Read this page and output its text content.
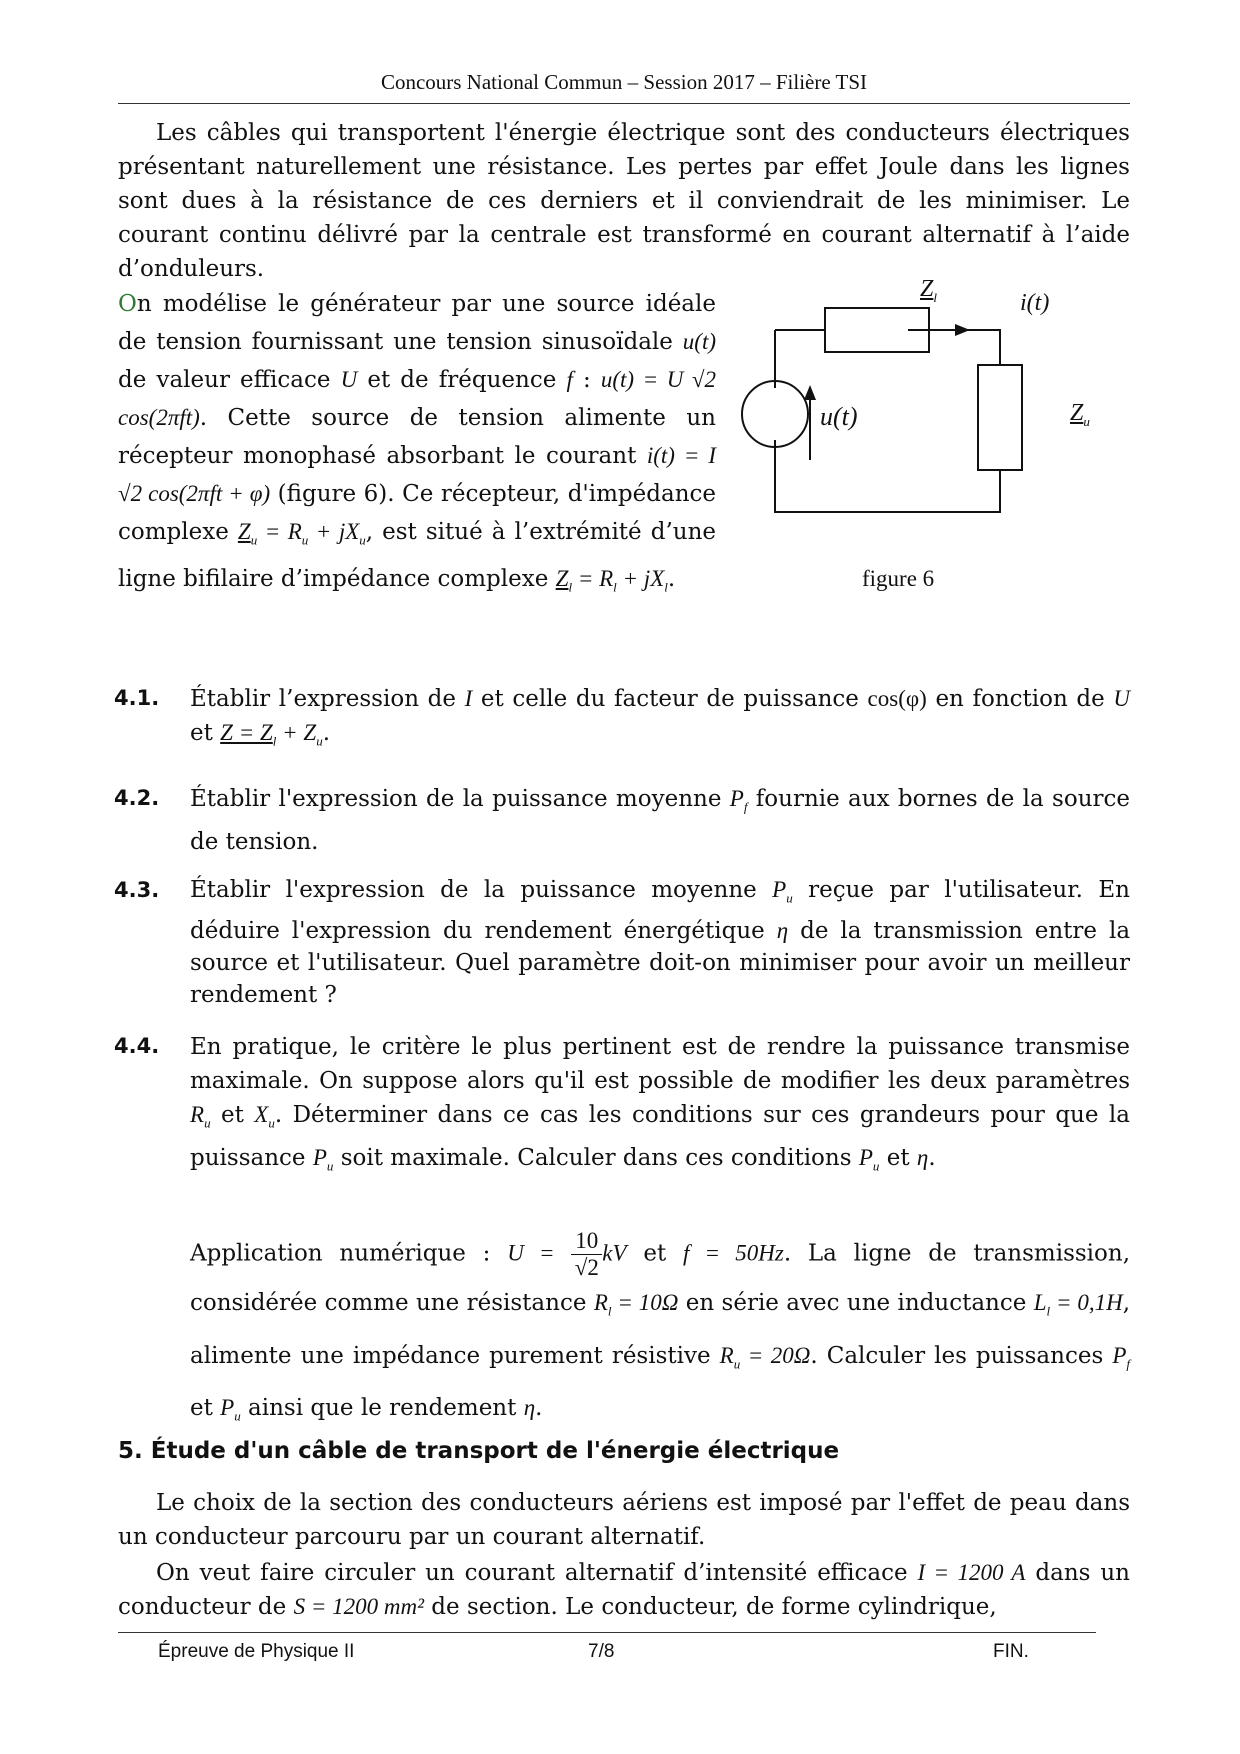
Concours National Commun – Session 2017 – Filière TSI
Les câbles qui transportent l'énergie électrique sont des conducteurs électriques présentant naturellement une résistance. Les pertes par effet Joule dans les lignes sont dues à la résistance de ces derniers et il conviendrait de les minimiser. Le courant continu délivré par la centrale est transformé en courant alternatif à l’aide d’onduleurs.

On modélise le générateur par une source idéale de tension fournissant une tension sinusoïdale u(t) de valeur efficace U et de fréquence f : u(t) = U √2 cos(2πft). Cette source de tension alimente un récepteur monophasé absorbant le courant i(t) = I √2 cos(2πft + φ) (figure 6). Ce récepteur, d'impédance complexe $Z_u = R_u + jX_u$, est situé à l’extrémité d’une ligne bifilaire d’impédance complexe $Z_l = R_l + jX_l$.

$Z_l$	i(t)
u(t)	$Z_u$
figure 6
4.1. Établir l’expression de I et celle du facteur de puissance cos(φ) en fonction de U et $Z = Z_l + Z_u$.
4.2. Établir l'expression de la puissance moyenne $P_f$ fournie aux bornes de la source de tension.
4.3. Établir l'expression de la puissance moyenne $P_u$ reçue par l'utilisateur. En déduire l'expression du rendement énergétique η de la transmission entre la source et l'utilisateur. Quel paramètre doit-on minimiser pour avoir un meilleur rendement ?
4.4. En pratique, le critère le plus pertinent est de rendre la puissance transmise maximale. On suppose alors qu'il est possible de modifier les deux paramètres $R_u$ et $X_u$. Déterminer dans ce cas les conditions sur ces grandeurs pour que la puissance $P_u$ soit maximale. Calculer dans ces conditions $P_u$ et η.
Application numérique : $U = \frac{10}{√2}$ kV et f = 50Hz. La ligne de transmission, considérée comme une résistance $R_l = 10\Omega$ en série avec une inductance $L_l = 0,1H$, alimente une impédance purement résistive $R_u = 20\Omega$. Calculer les puissances $P_f$ et $P_u$ ainsi que le rendement η.
5. Étude d'un câble de transport de l'énergie électrique
Le choix de la section des conducteurs aériens est imposé par l'effet de peau dans un conducteur parcouru par un courant alternatif.
On veut faire circuler un courant alternatif d’intensité efficace I = 1200 A dans un conducteur de S = 1200 mm² de section. Le conducteur, de forme cylindrique,
Épreuve de Physique II	7/8	FIN.
